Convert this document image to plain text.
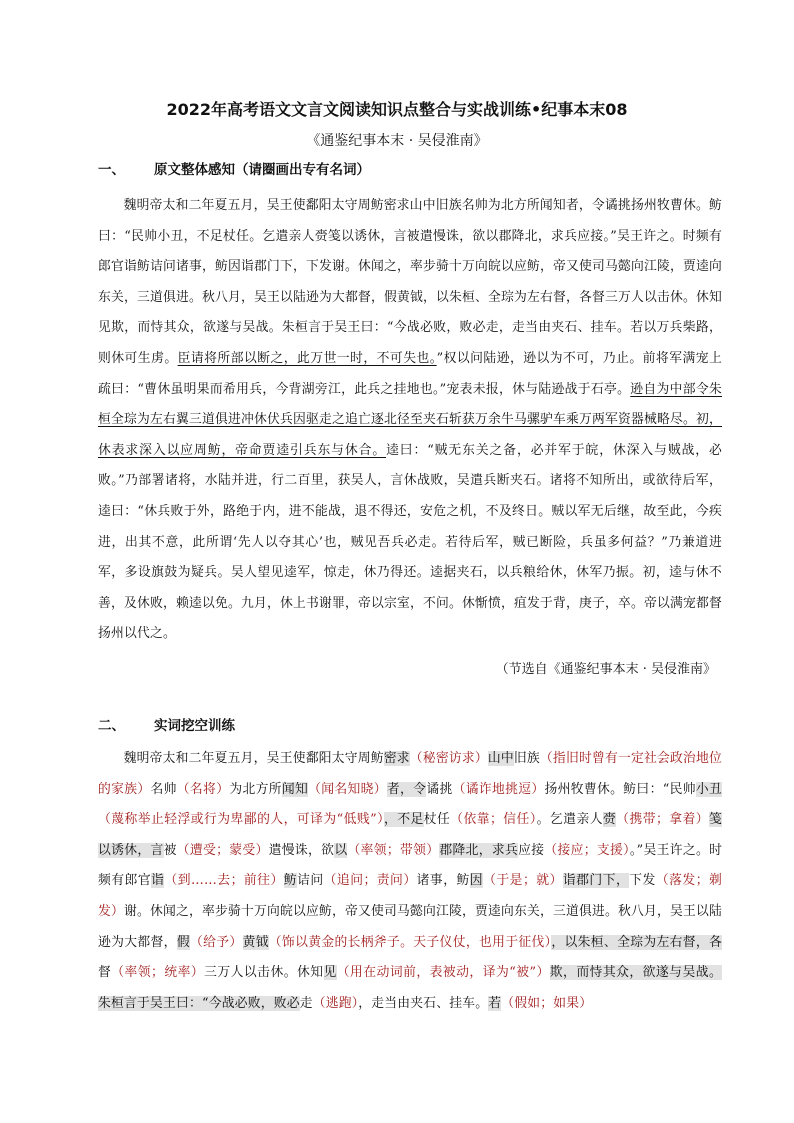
2022年高考语文文言文阅读知识点整合与实战训练•纪事本末08
《通鉴纪事本末 · 吴侵淮南》
一、 原文整体感知（请圈画出专有名词）
魏明帝太和二年夏五月，吴王使鄱阳太守周鲂密求山中旧族名帅为北方所闻知者，令谲挑扬州牧曹休。鲂曰：“民帅小丑，不足杖任。乞遣亲人赍笺以诱休，言被遣慢诛，欲以郡降北，求兵应接。”吴王许之。时频有郎官诣鲂诘问诸事，鲂因诣郡门下，下发谢。休闻之，率步骑十万向皖以应鲂，帝又使司马懿向江陵，贾逵向东关，三道俱进。秋八月，吴王以陆逊为大都督，假黄钺，以朱桓、全琮为左右督，各督三万人以击休。休知见欺，而恃其众，欲遂与吴战。朱桓言于吴王曰：“今战必败，败必走，走当由夹石、挂车。若以万兵柴路，则休可生虏。臣请将所部以断之，此万世一时，不可失也。”权以问陆逊，逊以为不可，乃止。前将军满宠上疏曰：“曹休虽明果而希用兵，今背湖旁江，此兵之挂地也。”宠表未报，休与陆逊战于石亭。逊自为中部令朱桓全琮为左右翼三道俱进冲休伏兵因驱走之追亡逐北径至夹石斩获万余牛马骡驴车乘万两军资器械略尽。初，休表求深入以应周鲂，帝命贾逵引兵东与休合。逵曰：“贼无东关之备，必并军于皖，休深入与贼战，必败。”乃部署诸将，水陆并进，行二百里，获吴人，言休战败，吴遣兵断夹石。诸将不知所出，或欲待后军，逵曰：“休兵败于外，路绝于内，进不能战，退不得还，安危之机，不及终日。贼以军无后继，故至此，今疾进，出其不意，此所谓‘先人以夺其心’也，贼见吾兵必走。若待后军，贼已断险，兵虽多何益？”乃兼道进军，多设旗鼓为疑兵。吴人望见逵军，惊走，休乃得还。逵据夹石，以兵粮给休，休军乃振。初，逵与休不善，及休败，赖逵以免。九月，休上书谢罪，帝以宗室，不问。休惭愤，疽发于背，庚子，卒。帝以满宠都督扬州以代之。
（节选自《通鉴纪事本末 · 吴侵淮南》
二、 实词挖空训练
魏明帝太和二年夏五月，吴王使鄱阳太守周鲂密求（秘密访求）山中旧族（指旧时曾有一定社会政治地位的家族）名帅（名将）为北方所闻知（闻名知晓）者，令谲挑（谲诈地挑逗）扬州牧曹休。鲂曰：“民帅小丑（蔑称举止轻浮或行为卑鄙的人，可译为“低贱”），不足杖任（依靠；信任）。乞遣亲人赍（携带；拿着）笺以诱休，言被（遭受；蒙受）遣慢诛，欲以（率领；带领）郡降北，求兵应接（接应；支援）。”吴王许之。时频有郎官诣（到……去；前往）鲂诘问（追问；责问）诸事，鲂因（于是；就）诣郡门下，下发（落发；剃发）谢。休闻之，率步骑十万向皖以应鲂，帝又使司马懿向江陵，贾逵向东关，三道俱进。秋八月，吴王以陆逊为大都督，假（给予）黄钺（饰以黄金的长柄斧子。天子仪仗，也用于征伐），以朱桓、全琮为左右督，各督（率领；统率）三万人以击休。休知见（用在动词前，表被动，译为“被”）欺，而恃其众，欲遂与吴战。朱桓言于吴王曰：“今战必败，败必走（逃跑），走当由夹石、挂车。若（假如；如果）
